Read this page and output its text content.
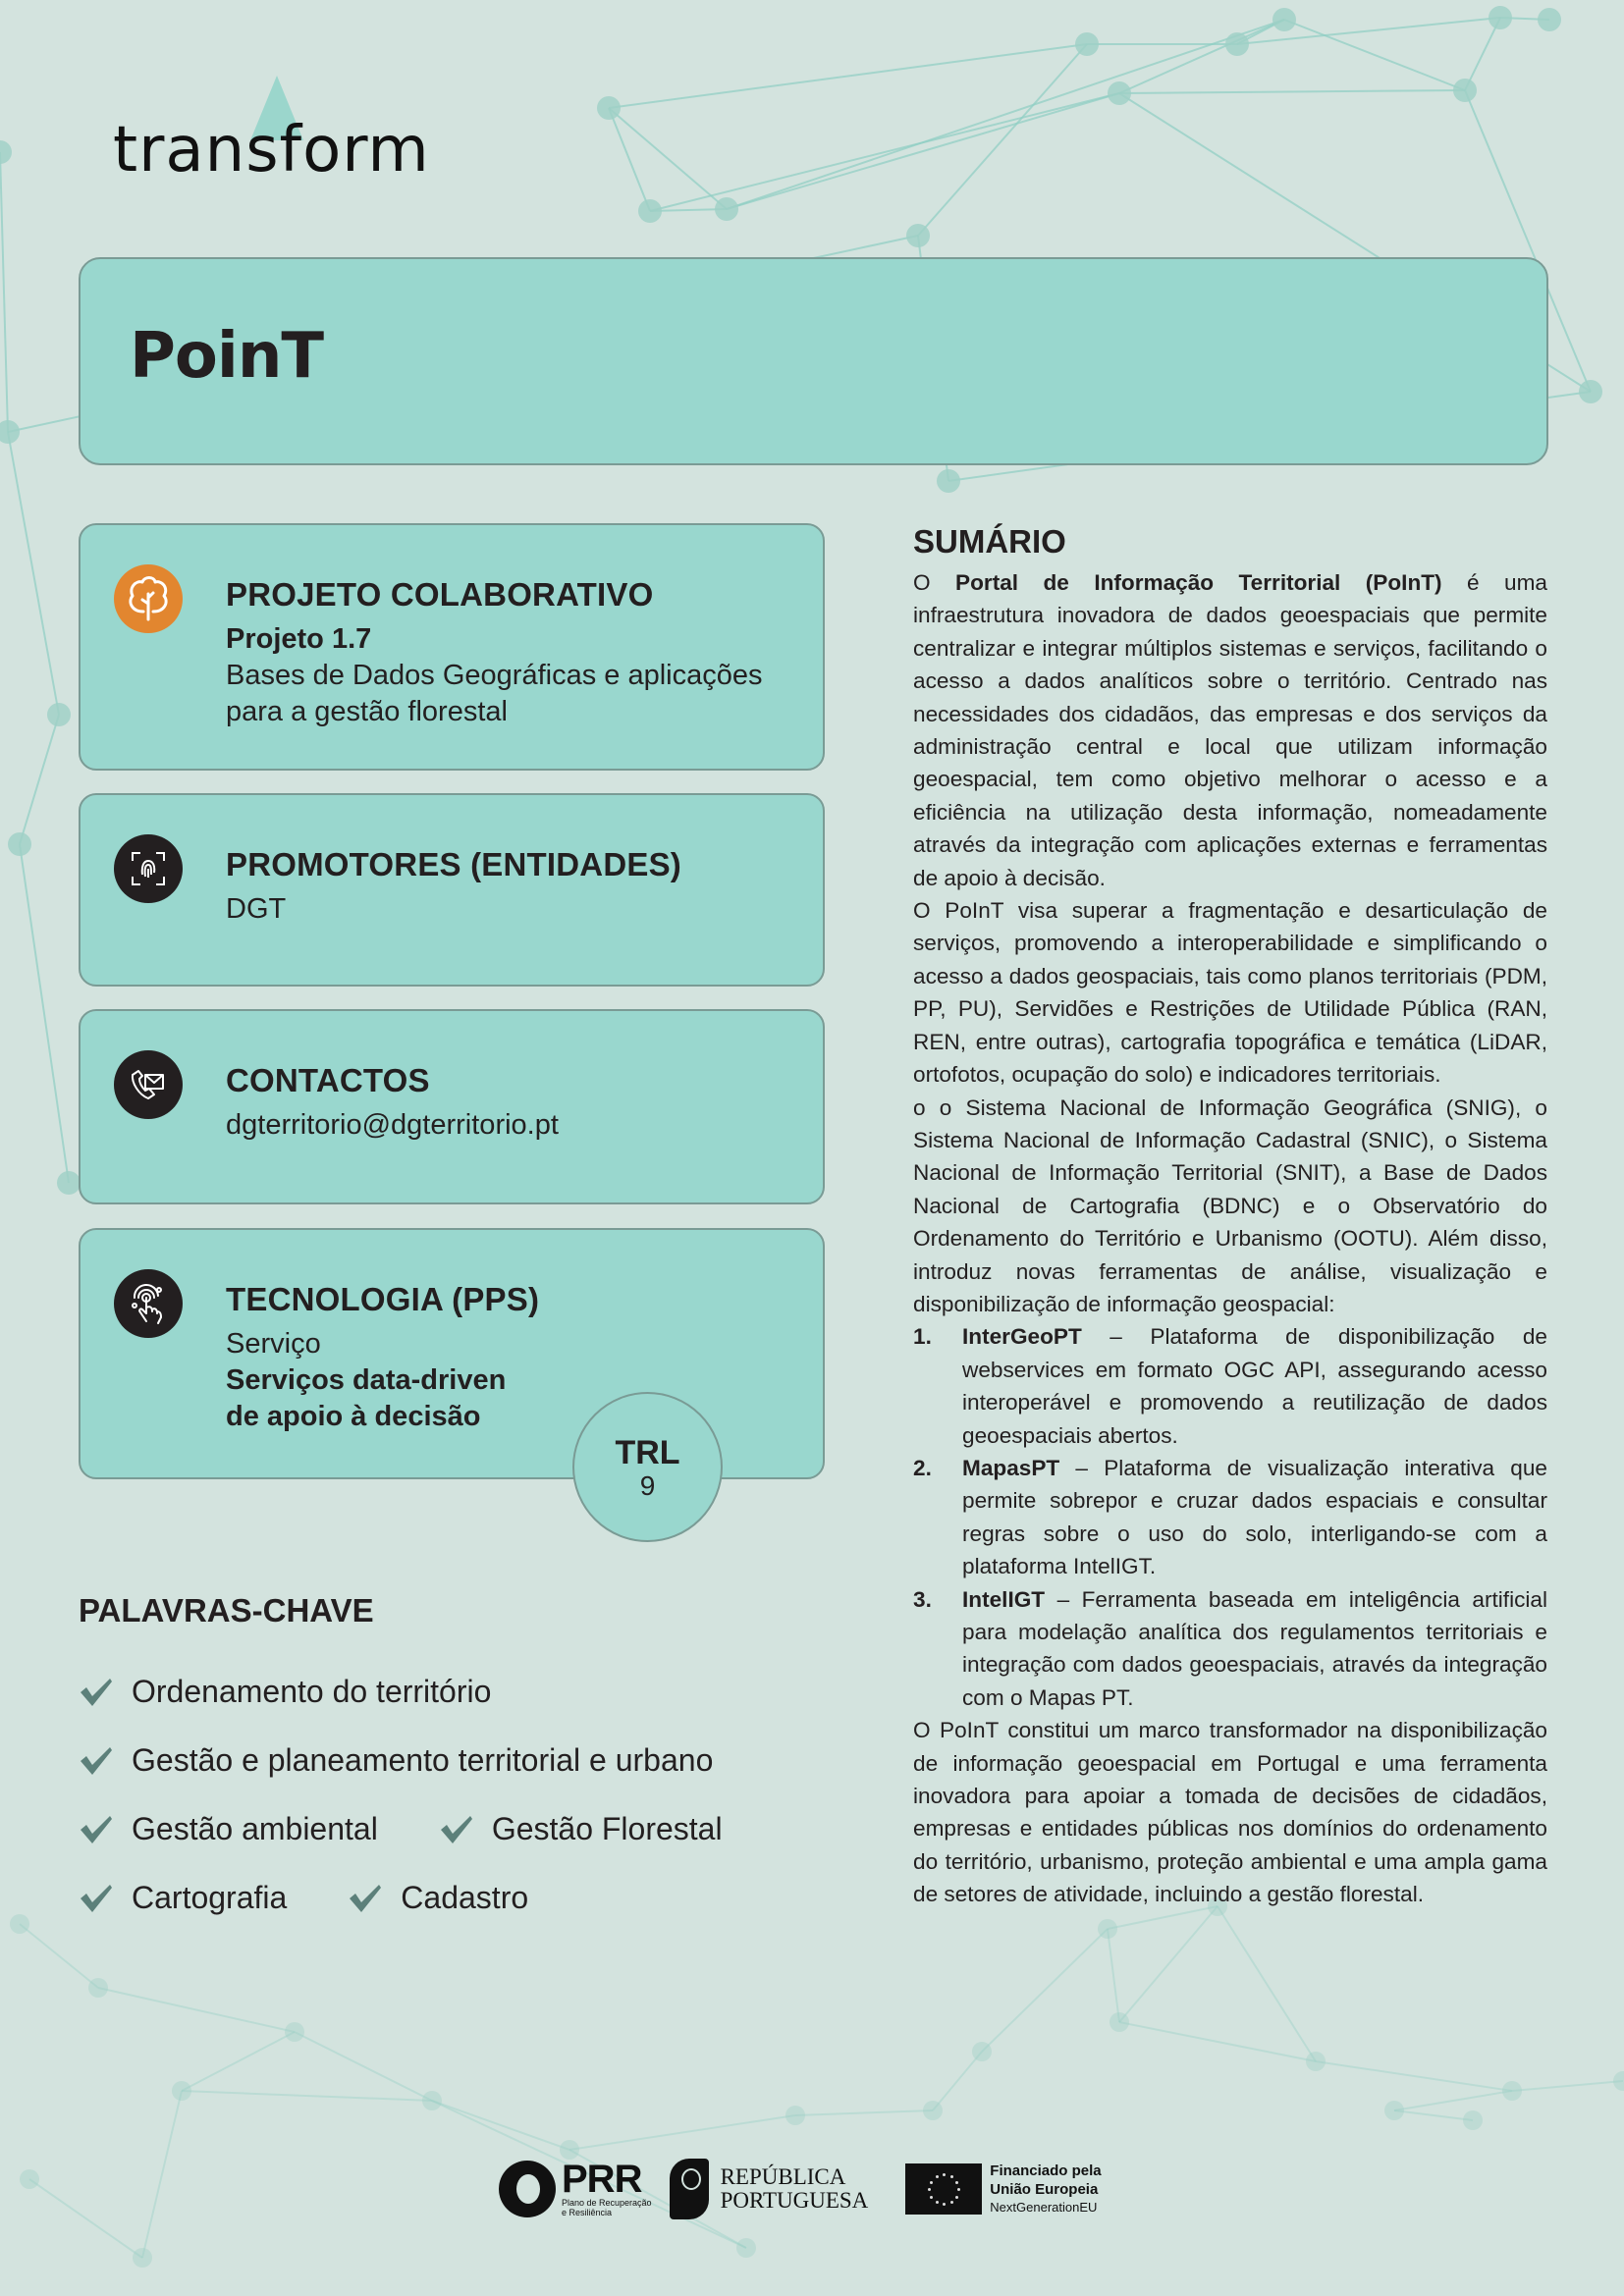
transform
PoinT
PROJETO COLABORATIVO
Projeto 1.7
Bases de Dados Geográficas e aplicações
para a gestão florestal
PROMOTORES (ENTIDADES)
DGT
CONTACTOS
dgterritorio@dgterritorio.pt
TECNOLOGIA (PPS)
Serviço
Serviços data-driven
de apoio à decisão
TRL
9
PALAVRAS-CHAVE
Ordenamento do território
Gestão e planeamento territorial e urbano
Gestão ambiental	Gestão Florestal
Cartografia	Cadastro
SUMÁRIO

O Portal de Informação Territorial (PoInT) é uma infraestrutura inovadora de dados geoespaciais que permite centralizar e integrar múltiplos sistemas e serviços, facilitando o acesso a dados analíticos sobre o território. Centrado nas necessidades dos cidadãos, das empresas e dos serviços da administração central e local que utilizam informação geoespacial, tem como objetivo melhorar o acesso e a eficiência na utilização desta informação, nomeadamente através da integração com aplicações externas e ferramentas de apoio à decisão.

O PoInT visa superar a fragmentação e desarticulação de serviços, promovendo a interoperabilidade e simplificando o acesso a dados geospaciais, tais como planos territoriais (PDM, PP, PU), Servidões e Restrições de Utilidade Pública (RAN, REN, entre outras), cartografia topográfica e temática (LiDAR, ortofotos, ocupação do solo) e indicadores territoriais.

o o Sistema Nacional de Informação Geográfica (SNIG), o Sistema Nacional de Informação Cadastral (SNIC), o Sistema Nacional de Informação Territorial (SNIT), a Base de Dados Nacional de Cartografia (BDNC) e o Observatório do Ordenamento do Território e Urbanismo (OOTU). Além disso, introduz novas ferramentas de análise, visualização e disponibilização de informação geospacial:

1. InterGeoPT – Plataforma de disponibilização de webservices em formato OGC API, assegurando acesso interoperável e promovendo a reutilização de dados geoespaciais abertos.
2. MapasPT – Plataforma de visualização interativa que permite sobrepor e cruzar dados espaciais e consultar regras sobre o uso do solo, interligando-se com a plataforma IntelIGT.
3. IntelIGT – Ferramenta baseada em inteligência artificial para modelação analítica dos regulamentos territoriais e integração com dados geoespaciais, através da integração com o Mapas PT.

O PoInT constitui um marco transformador na disponibilização de informação geoespacial em Portugal e uma ferramenta inovadora para apoiar a tomada de decisões de cidadãos, empresas e entidades públicas nos domínios do ordenamento do território, urbanismo, proteção ambiental e uma ampla gama de setores de atividade, incluindo a gestão florestal.

PRR
Plano de Recuperação
e Resiliência
REPÚBLICA
PORTUGUESA
Financiado pela
União Europeia
NextGenerationEU
